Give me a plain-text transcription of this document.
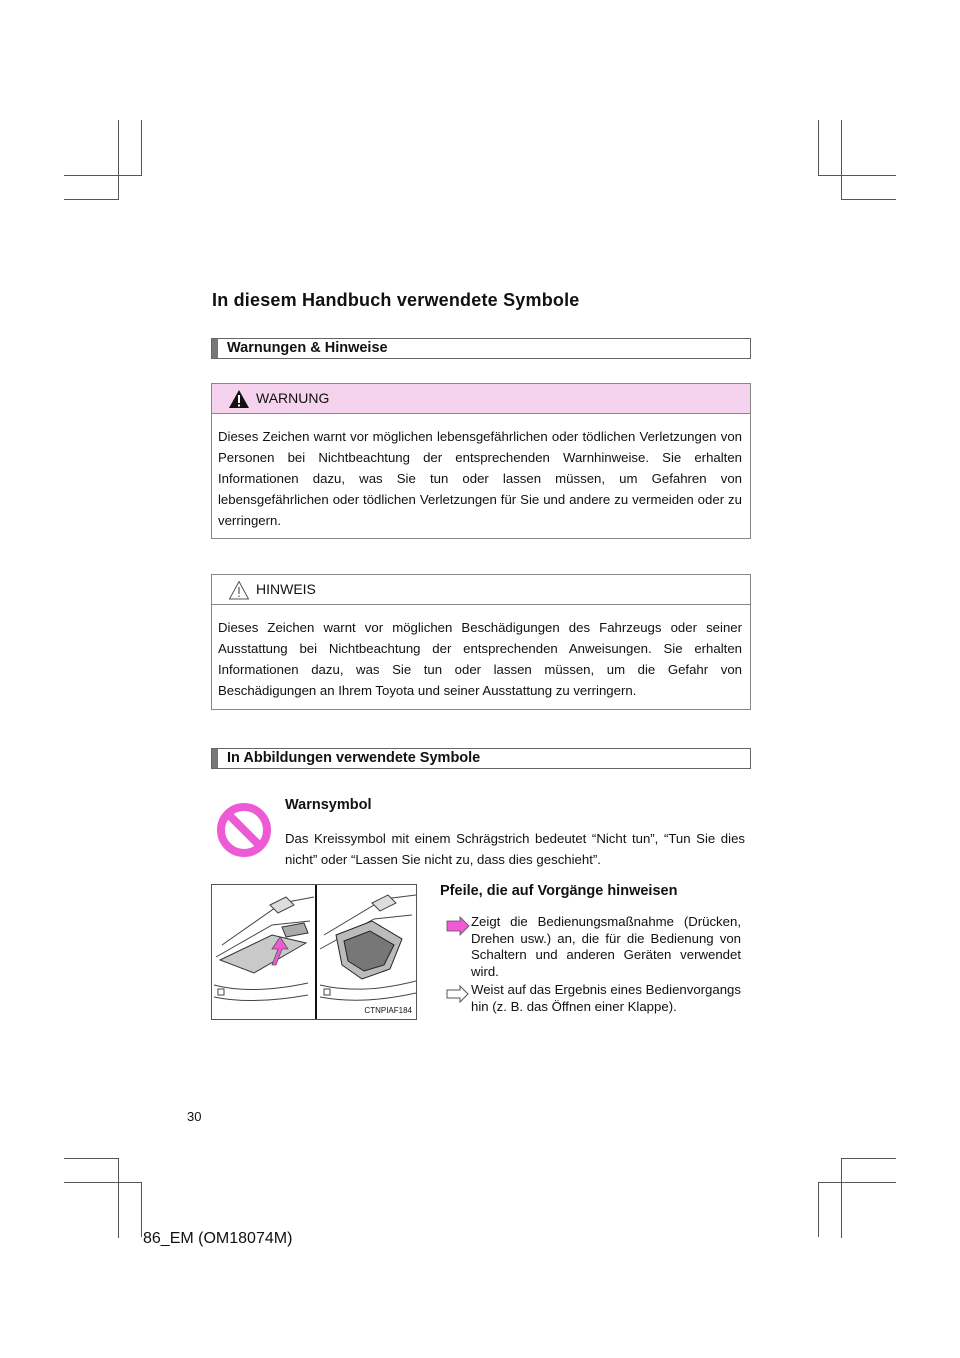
In diesem Handbuch verwendete Symbole
Warnungen & Hinweise
WARNUNG
Dieses Zeichen warnt vor möglichen lebensgefährlichen oder tödlichen Verletzungen von Personen bei Nichtbeachtung der entsprechenden Warnhinweise. Sie erhalten Informationen dazu, was Sie tun oder lassen müssen, um Gefahren von lebensgefährlichen oder tödlichen Verletzungen für Sie und andere zu vermeiden oder zu verringern.
HINWEIS
Dieses Zeichen warnt vor möglichen Beschädigungen des Fahrzeugs oder seiner Ausstattung bei Nichtbeachtung der entsprechenden Anweisungen. Sie erhalten Informationen dazu, was Sie tun oder lassen müssen, um die Gefahr von Beschädigungen an Ihrem Toyota und seiner Ausstattung zu verringern.
In Abbildungen verwendete Symbole
Warnsymbol
Das Kreissymbol mit einem Schrägstrich bedeutet “Nicht tun”, “Tun Sie dies nicht” oder “Lassen Sie nicht zu, dass dies geschieht”.
CTNPIAF184
Pfeile, die auf Vorgänge hinweisen
Zeigt die Bedienungsmaßnahme (Drücken, Drehen usw.) an, die für die Bedienung von Schaltern und anderen Geräten verwendet wird.
Weist auf das Ergebnis eines Bedienvorgangs hin (z. B. das Öffnen einer Klappe).
30
86_EM (OM18074M)
